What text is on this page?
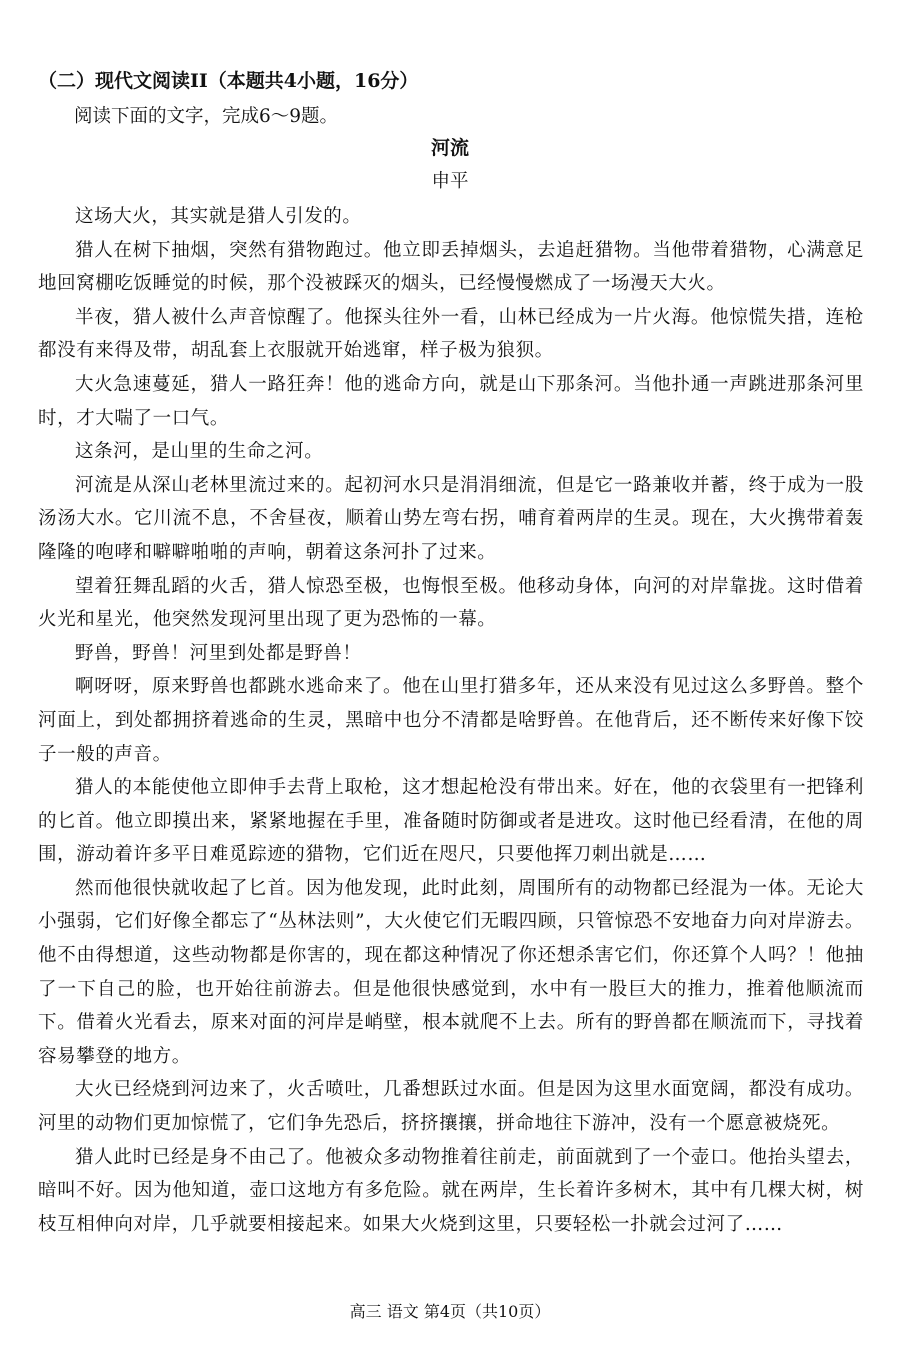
（二）现代文阅读II（本题共4小题，16分）

阅读下面的文字，完成6～9题。

河流

申平

这场大火，其实就是猎人引发的。

猎人在树下抽烟，突然有猎物跑过。他立即丢掉烟头，去追赶猎物。当他带着猎物，心满意足地回窝棚吃饭睡觉的时候，那个没被踩灭的烟头，已经慢慢燃成了一场漫天大火。

半夜，猎人被什么声音惊醒了。他探头往外一看，山林已经成为一片火海。他惊慌失措，连枪都没有来得及带，胡乱套上衣服就开始逃窜，样子极为狼狈。

大火急速蔓延，猎人一路狂奔！他的逃命方向，就是山下那条河。当他扑通一声跳进那条河里时，才大喘了一口气。

这条河，是山里的生命之河。

河流是从深山老林里流过来的。起初河水只是涓涓细流，但是它一路兼收并蓄，终于成为一股汤汤大水。它川流不息，不舍昼夜，顺着山势左弯右拐，哺育着两岸的生灵。现在，大火携带着轰隆隆的咆哮和噼噼啪啪的声响，朝着这条河扑了过来。

望着狂舞乱蹈的火舌，猎人惊恐至极，也悔恨至极。他移动身体，向河的对岸靠拢。这时借着火光和星光，他突然发现河里出现了更为恐怖的一幕。

野兽，野兽！河里到处都是野兽！

啊呀呀，原来野兽也都跳水逃命来了。他在山里打猎多年，还从来没有见过这么多野兽。整个河面上，到处都拥挤着逃命的生灵，黑暗中也分不清都是啥野兽。在他背后，还不断传来好像下饺子一般的声音。

猎人的本能使他立即伸手去背上取枪，这才想起枪没有带出来。好在，他的衣袋里有一把锋利的匕首。他立即摸出来，紧紧地握在手里，准备随时防御或者是进攻。这时他已经看清，在他的周围，游动着许多平日难觅踪迹的猎物，它们近在咫尺，只要他挥刀刺出就是……

然而他很快就收起了匕首。因为他发现，此时此刻，周围所有的动物都已经混为一体。无论大小强弱，它们好像全都忘了“丛林法则”，大火使它们无暇四顾，只管惊恐不安地奋力向对岸游去。他不由得想道，这些动物都是你害的，现在都这种情况了你还想杀害它们，你还算个人吗？！他抽了一下自己的脸，也开始往前游去。但是他很快感觉到，水中有一股巨大的推力，推着他顺流而下。借着火光看去，原来对面的河岸是峭壁，根本就爬不上去。所有的野兽都在顺流而下，寻找着容易攀登的地方。

大火已经烧到河边来了，火舌喷吐，几番想跃过水面。但是因为这里水面宽阔，都没有成功。河里的动物们更加惊慌了，它们争先恐后，挤挤攘攘，拼命地往下游冲，没有一个愿意被烧死。

猎人此时已经是身不由己了。他被众多动物推着往前走，前面就到了一个壶口。他抬头望去，暗叫不好。因为他知道，壶口这地方有多危险。就在两岸，生长着许多树木，其中有几棵大树，树枝互相伸向对岸，几乎就要相接起来。如果大火烧到这里，只要轻松一扑就会过河了……

高三 语文 第4页（共10页）
